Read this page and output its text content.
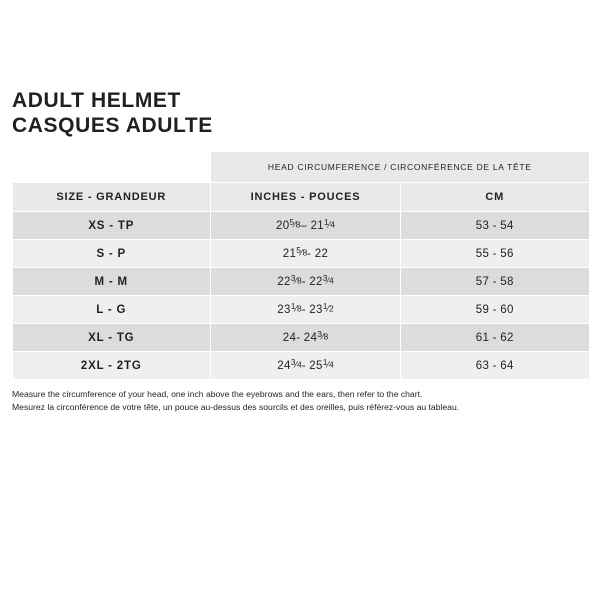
ADULT HELMET
CASQUES ADULTE
	HEAD CIRCUMFERENCE / CIRCONFÉRENCE DE LA TÊTE	
SIZE - GRANDEUR	INCHES - POUCES	CM
XS - TP	$20^5⁄_8-$ $21^1⁄_4$	53 - 54
S - P	$21^5⁄_8-$ 22	55 - 56
M - M	$22^3⁄_8-$ $22^3⁄_4$	57 - 58
L - G	$23^1⁄_8-$ $23^1⁄_2$	59 - 60
XL - TG	24- $24^3⁄_8$	61 - 62
2XL - 2TG	$24^3⁄_4-$ $25^1⁄_4$	63 - 64
Measure the circumference of your head, one inch above the eyebrows and the ears, then refer to the chart.
Mesurez la circonférence de votre tête, un pouce au-dessus des sourcils et des oreilles, puis référez-vous au tableau.
